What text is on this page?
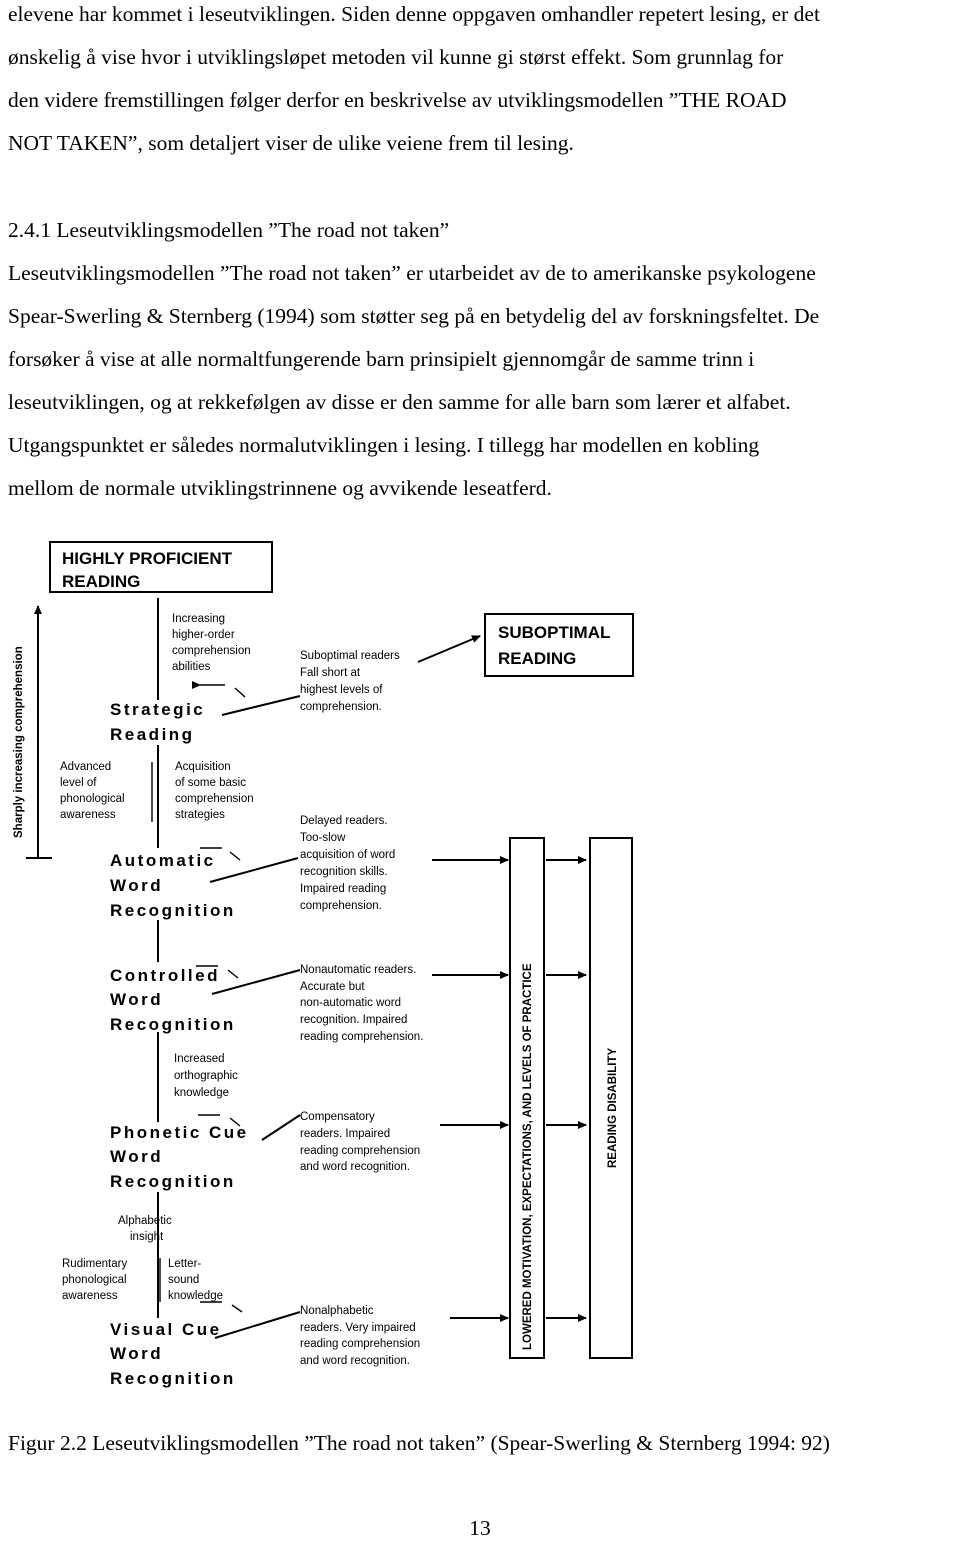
elevene har kommet i leseutviklingen. Siden denne oppgaven omhandler repetert lesing, er det
ønskelig å vise hvor i utviklingsløpet metoden vil kunne gi størst effekt. Som grunnlag for
den videre fremstillingen følger derfor en beskrivelse av utviklingsmodellen ”THE ROAD
NOT TAKEN”, som detaljert viser de ulike veiene frem til lesing.
2.4.1 Leseutviklingsmodellen ”The road not taken”
Leseutviklingsmodellen ”The road not taken” er utarbeidet av de to amerikanske psykologene
Spear-Swerling & Sternberg (1994) som støtter seg på en betydelig del av forskningsfeltet. De
forsøker å vise at alle normaltfungerende barn prinsipielt gjennomgår de samme trinn i
leseutviklingen, og at rekkefølgen av disse er den samme for alle barn som lærer et alfabet.
Utgangspunktet er således normalutviklingen i lesing. I tillegg har modellen en kobling
mellom de normale utviklingstrinnene og avvikende leseatferd.
HIGHLY PROFICIENT
READING
SUBOPTIMAL
READING
Sharply increasing comprehension	Strategic
Reading
Automatic
Word
Recognition
Controlled
Word
Recognition
Phonetic Cue
Word
Recognition
Visual Cue
Word
Recognition
Increasing
higher-order
comprehension
abilities
Acquisition
of some basic
comprehension
strategies
Advanced
level of
phonological
awareness
Increased
orthographic
knowledge
Alphabetic
insight
Rudimentary
phonological
awareness
Letter-
sound
knowledge
Suboptimal readers
Fall short at
highest levels of
comprehension.
Delayed readers.
Too-slow
acquisition of word
recognition skills.
Impaired reading
comprehension.
Nonautomatic readers.
Accurate but
non-automatic word
recognition. Impaired
reading comprehension.
Compensatory
readers. Impaired
reading comprehension
and word recognition.
Nonalphabetic
readers. Very impaired
reading comprehension
and word recognition.
LOWERED MOTIVATION, EXPECTATIONS, AND LEVELS OF PRACTICE	READING DISABILITY
Figur 2.2 Leseutviklingsmodellen ”The road not taken” (Spear-Swerling & Sternberg 1994: 92)
13
